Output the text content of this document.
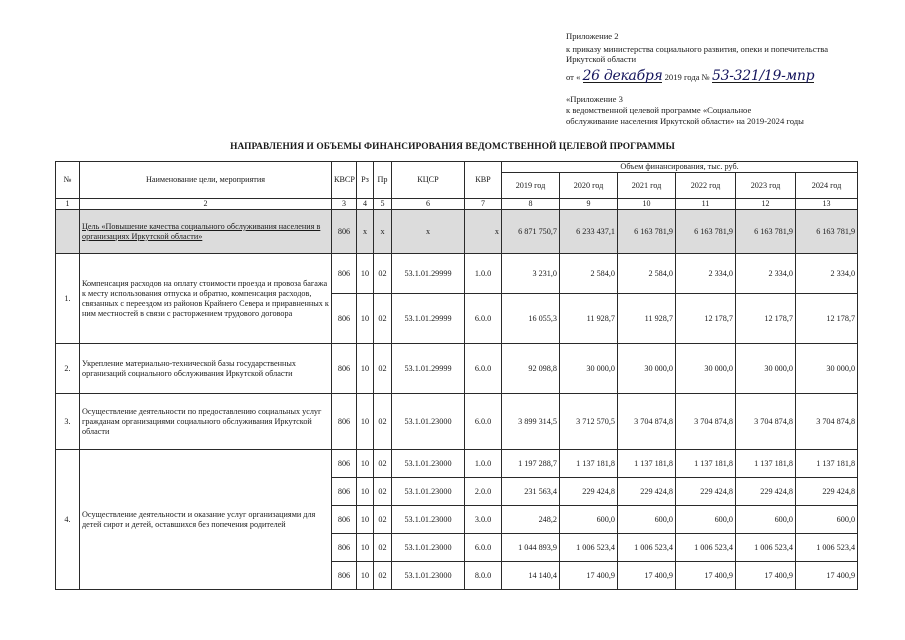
Приложение 2
к приказу министерства социального развития, опеки и попечительства
Иркутской области
от « 26 декабря 2019 года № 53-321/19-мпр
«Приложение 3
к ведомственной целевой программе «Социальное
обслуживание населения Иркутской области» на 2019-2024 годы
НАПРАВЛЕНИЯ И ОБЪЕМЫ ФИНАНСИРОВАНИЯ ВЕДОМСТВЕННОЙ ЦЕЛЕВОЙ ПРОГРАММЫ
№	Наименование цели, мероприятия	КВСР	Рз	Пр	КЦСР	КВР	Объем финансирования, тыс. руб.					
							2019 год	2020 год	2021 год	2022 год	2023 год	2024 год
1	2	3	4	5	6	7	8	9	10	11	12	13
	Цель «Повышение качества социального обслуживания населения в организациях Иркутской области»	806	х	х	х	х	6 871 750,7	6 233 437,1	6 163 781,9	6 163 781,9	6 163 781,9	6 163 781,9
1.	Компенсация расходов на оплату стоимости проезда и провоза багажа к месту использования отпуска и обратно, компенсация расходов, связанных с переездом из районов Крайнего Севера и приравненных к ним местностей в связи с расторжением трудового договора	806	10	02	53.1.01.29999	1.0.0	3 231,0	2 584,0	2 584,0	2 334,0	2 334,0	2 334,0
		806	10	02	53.1.01.29999	6.0.0	16 055,3	11 928,7	11 928,7	12 178,7	12 178,7	12 178,7
2.	Укрепление материально-технической базы государственных организаций социального обслуживания Иркутской области	806	10	02	53.1.01.29999	6.0.0	92 098,8	30 000,0	30 000,0	30 000,0	30 000,0	30 000,0
3.	Осуществление деятельности по предоставлению социальных услуг гражданам организациями социального обслуживания Иркутской области	806	10	02	53.1.01.23000	6.0.0	3 899 314,5	3 712 570,5	3 704 874,8	3 704 874,8	3 704 874,8	3 704 874,8
4.	Осуществление деятельности и оказание услуг организациями для детей сирот и детей, оставшихся без попечения родителей	806	10	02	53.1.01.23000	1.0.0	1 197 288,7	1 137 181,8	1 137 181,8	1 137 181,8	1 137 181,8	1 137 181,8
		806	10	02	53.1.01.23000	2.0.0	231 563,4	229 424,8	229 424,8	229 424,8	229 424,8	229 424,8
		806	10	02	53.1.01.23000	3.0.0	248,2	600,0	600,0	600,0	600,0	600,0
		806	10	02	53.1.01.23000	6.0.0	1 044 893,9	1 006 523,4	1 006 523,4	1 006 523,4	1 006 523,4	1 006 523,4
		806	10	02	53.1.01.23000	8.0.0	14 140,4	17 400,9	17 400,9	17 400,9	17 400,9	17 400,9
